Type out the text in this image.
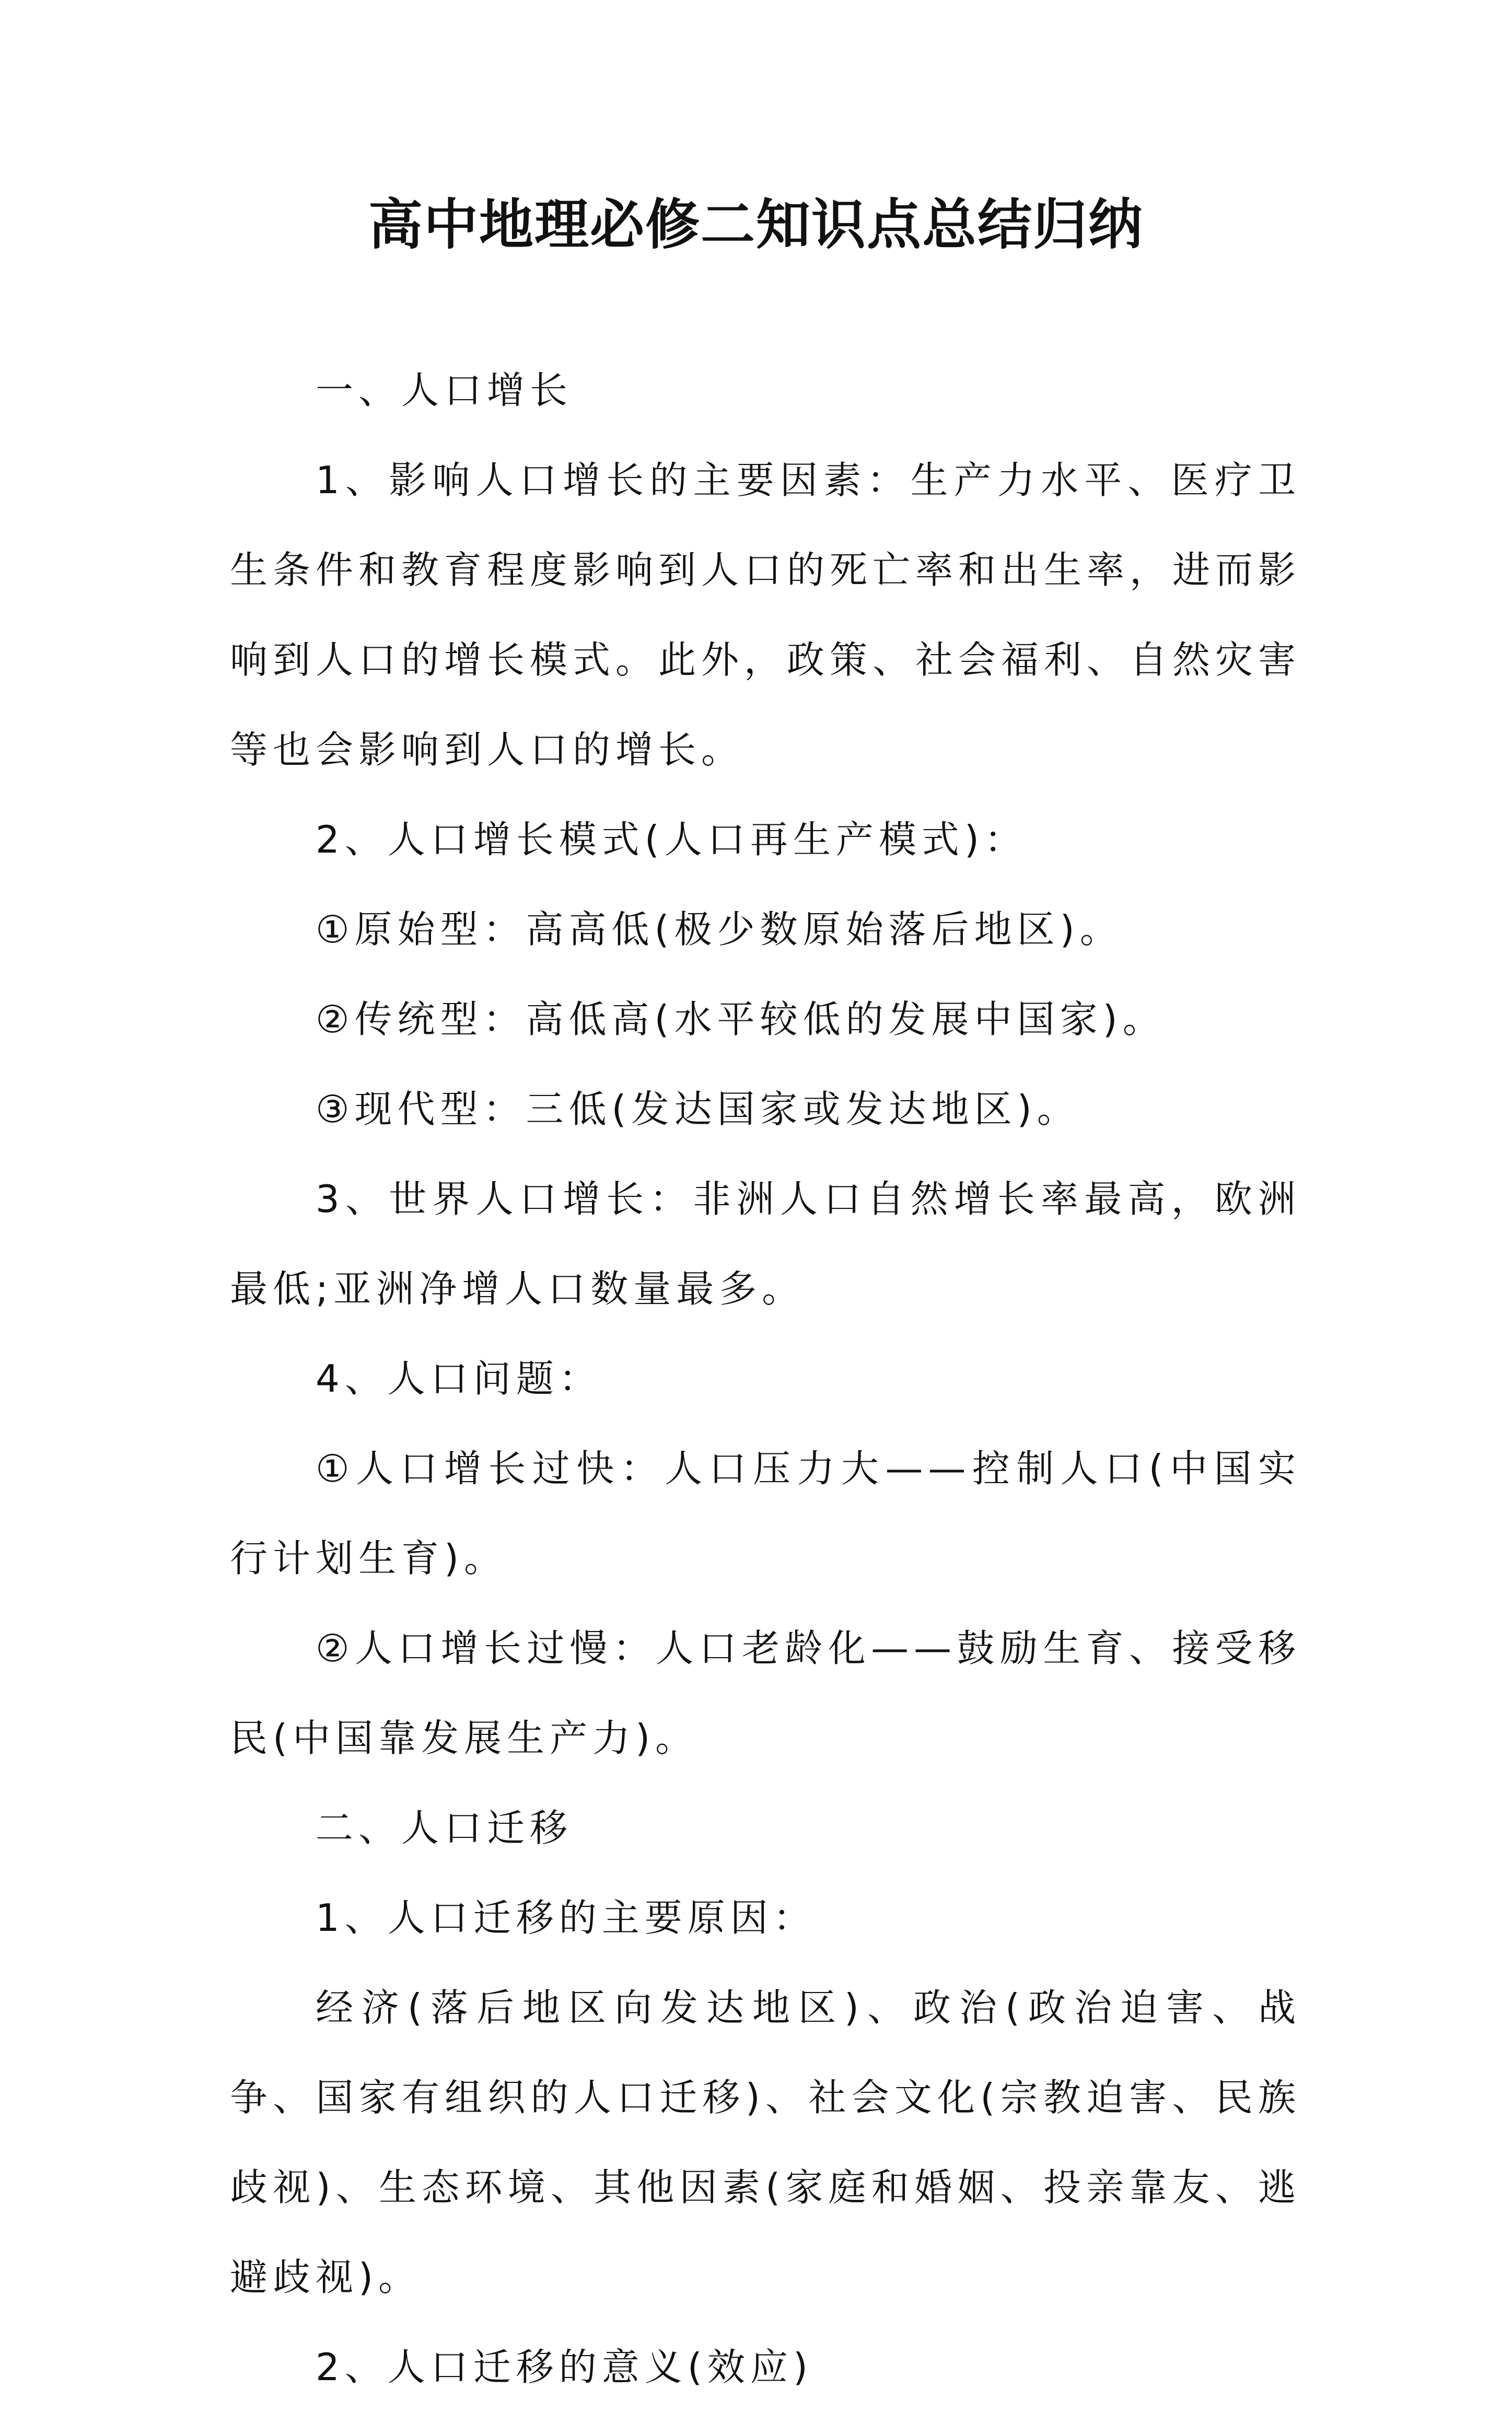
高中地理必修二知识点总结归纳

一、人口增长

1、影响人口增长的主要因素：生产力水平、医疗卫生条件和教育程度影响到人口的死亡率和出生率，进而影响到人口的增长模式。此外，政策、社会福利、自然灾害等也会影响到人口的增长。

2、人口增长模式(人口再生产模式)：

①原始型：高高低(极少数原始落后地区)。

②传统型：高低高(水平较低的发展中国家)。

③现代型：三低(发达国家或发达地区)。

3、世界人口增长：非洲人口自然增长率最高，欧洲最低;亚洲净增人口数量最多。

4、人口问题：

①人口增长过快：人口压力大——控制人口(中国实行计划生育)。

②人口增长过慢：人口老龄化——鼓励生育、接受移民(中国靠发展生产力)。

二、人口迁移

1、人口迁移的主要原因：

经济(落后地区向发达地区)、政治(政治迫害、战争、国家有组织的人口迁移)、社会文化(宗教迫害、民族歧视)、生态环境、其他因素(家庭和婚姻、投亲靠友、逃避歧视)。

2、人口迁移的意义(效应)
